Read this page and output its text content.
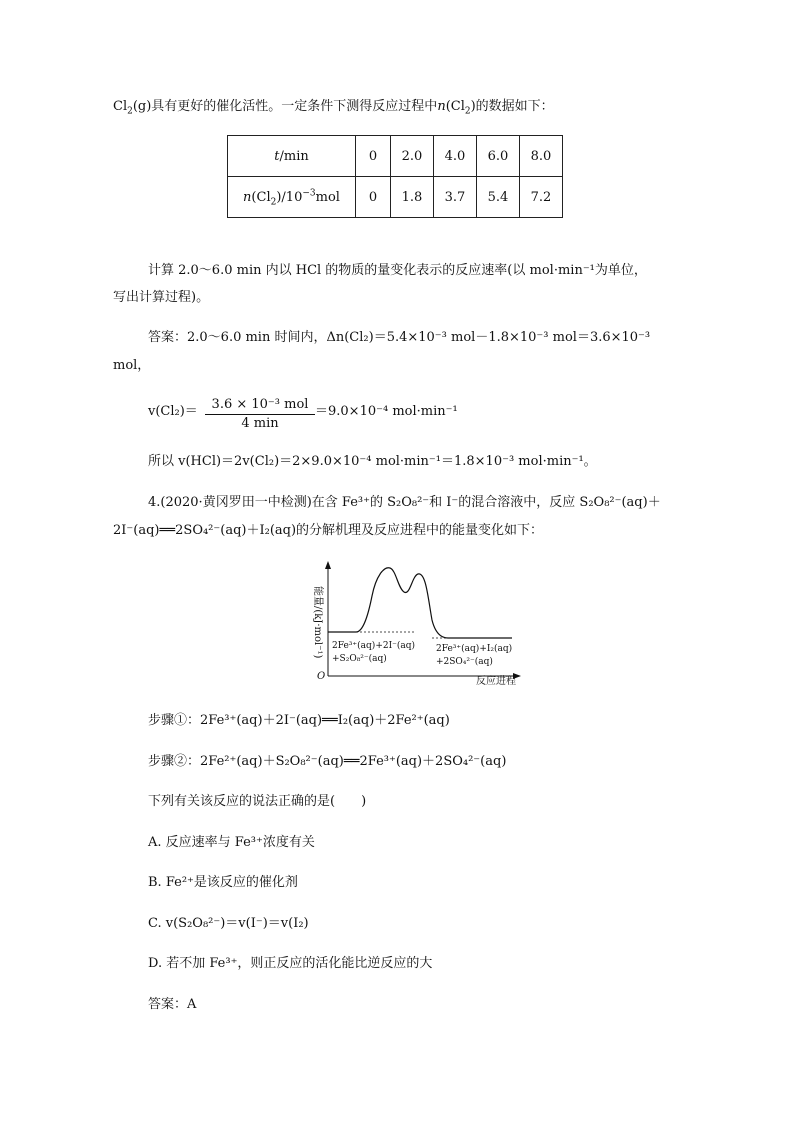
$Cl_2(g)$具有更好的催化活性。一定条件下测得反应过程中$n(Cl_2)$的数据如下：
t/min	0	2.0	4.0	6.0	8.0
$n(Cl_2)/10^{-3}mol$	0	1.8	3.7	5.4	7.2
计算 2.0～6.0 min 内以 HCl 的物质的量变化表示的反应速率(以 mol·min⁻¹为单位，
写出计算过程)。
答案：2.0～6.0 min 时间内，Δn(Cl₂)＝5.4×10⁻³ mol－1.8×10⁻³ mol＝3.6×10⁻³
mol，
v(Cl₂)＝	3.6 × 10⁻³ mol
4 min
＝9.0×10⁻⁴ mol·min⁻¹
所以 v(HCl)＝2v(Cl₂)＝2×9.0×10⁻⁴ mol·min⁻¹＝1.8×10⁻³ mol·min⁻¹。
4.(2020·黄冈罗田一中检测)在含 Fe³⁺的 S₂O₈²⁻和 I⁻的混合溶液中，反应 S₂O₈²⁻(aq)＋
2I⁻(aq)══2SO₄²⁻(aq)＋I₂(aq)的分解机理及反应进程中的能量变化如下：
能量/(kJ·mol⁻¹)
O	反应进程
2Fe³⁺(aq)+2I⁻(aq)
+S₂O₈²⁻(aq)
2Fe³⁺(aq)+I₂(aq)
+2SO₄²⁻(aq)
步骤①：2Fe³⁺(aq)＋2I⁻(aq)══I₂(aq)＋2Fe²⁺(aq)
步骤②：2Fe²⁺(aq)＋S₂O₈²⁻(aq)══2Fe³⁺(aq)＋2SO₄²⁻(aq)
下列有关该反应的说法正确的是(　　)
A. 反应速率与 Fe³⁺浓度有关
B. Fe²⁺是该反应的催化剂
C. v(S₂O₈²⁻)＝v(I⁻)＝v(I₂)
D. 若不加 Fe³⁺，则正反应的活化能比逆反应的大
答案：A
